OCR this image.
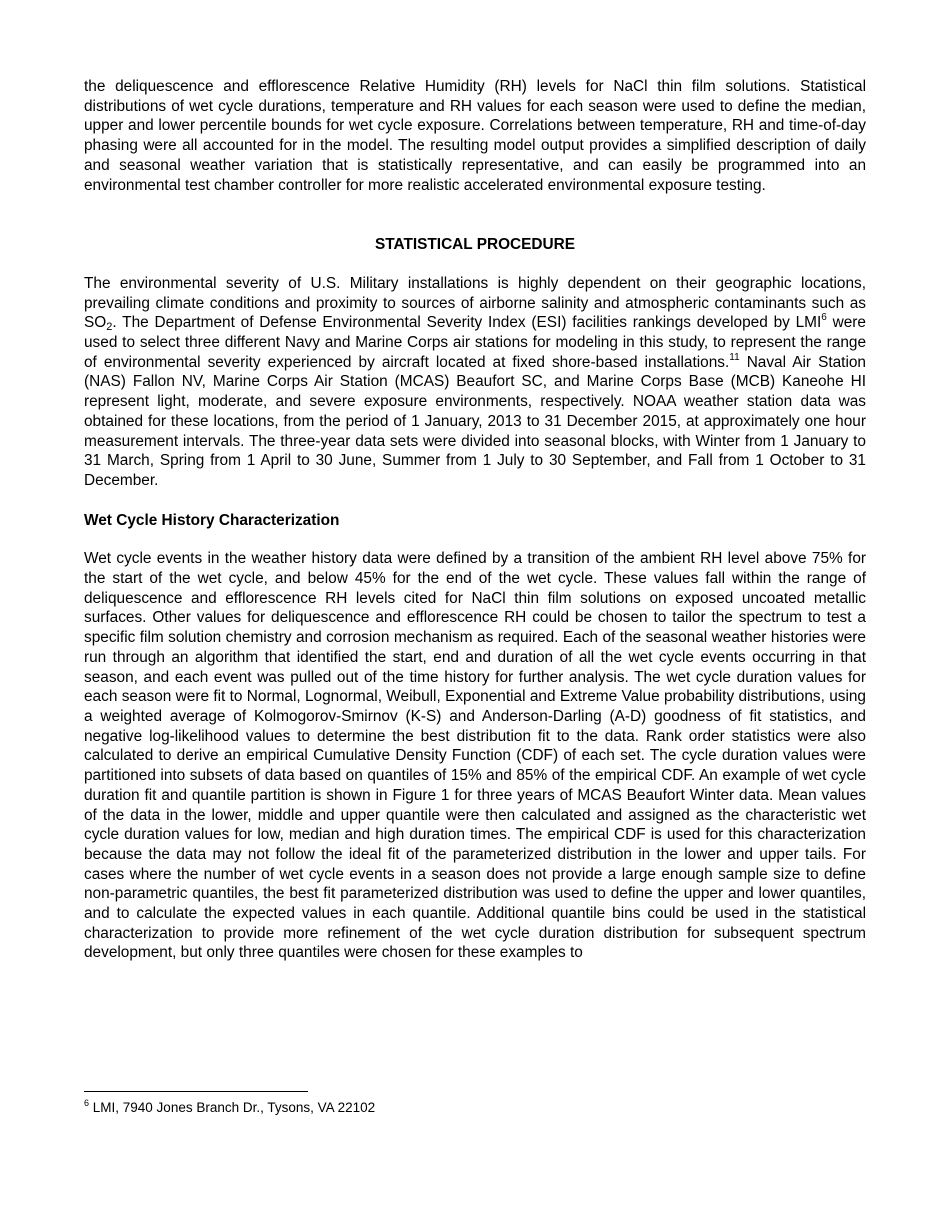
the deliquescence and efflorescence Relative Humidity (RH) levels for NaCl thin film solutions. Statistical distributions of wet cycle durations, temperature and RH values for each season were used to define the median, upper and lower percentile bounds for wet cycle exposure. Correlations between temperature, RH and time-of-day phasing were all accounted for in the model. The resulting model output provides a simplified description of daily and seasonal weather variation that is statistically representative, and can easily be programmed into an environmental test chamber controller for more realistic accelerated environmental exposure testing.

STATISTICAL PROCEDURE

The environmental severity of U.S. Military installations is highly dependent on their geographic locations, prevailing climate conditions and proximity to sources of airborne salinity and atmospheric contaminants such as $SO_2$. The Department of Defense Environmental Severity Index (ESI) facilities rankings developed by LMI$^6$ were used to select three different Navy and Marine Corps air stations for modeling in this study, to represent the range of environmental severity experienced by aircraft located at fixed shore-based installations.$^{11}$ Naval Air Station (NAS) Fallon NV, Marine Corps Air Station (MCAS) Beaufort SC, and Marine Corps Base (MCB) Kaneohe HI represent light, moderate, and severe exposure environments, respectively. NOAA weather station data was obtained for these locations, from the period of 1 January, 2013 to 31 December 2015, at approximately one hour measurement intervals. The three-year data sets were divided into seasonal blocks, with Winter from 1 January to 31 March, Spring from 1 April to 30 June, Summer from 1 July to 30 September, and Fall from 1 October to 31 December.

Wet Cycle History Characterization

Wet cycle events in the weather history data were defined by a transition of the ambient RH level above 75% for the start of the wet cycle, and below 45% for the end of the wet cycle. These values fall within the range of deliquescence and efflorescence RH levels cited for NaCl thin film solutions on exposed uncoated metallic surfaces. Other values for deliquescence and efflorescence RH could be chosen to tailor the spectrum to test a specific film solution chemistry and corrosion mechanism as required. Each of the seasonal weather histories were run through an algorithm that identified the start, end and duration of all the wet cycle events occurring in that season, and each event was pulled out of the time history for further analysis. The wet cycle duration values for each season were fit to Normal, Lognormal, Weibull, Exponential and Extreme Value probability distributions, using a weighted average of Kolmogorov-Smirnov (K-S) and Anderson-Darling (A-D) goodness of fit statistics, and negative log-likelihood values to determine the best distribution fit to the data. Rank order statistics were also calculated to derive an empirical Cumulative Density Function (CDF) of each set. The cycle duration values were partitioned into subsets of data based on quantiles of 15% and 85% of the empirical CDF. An example of wet cycle duration fit and quantile partition is shown in Figure 1 for three years of MCAS Beaufort Winter data. Mean values of the data in the lower, middle and upper quantile were then calculated and assigned as the characteristic wet cycle duration values for low, median and high duration times. The empirical CDF is used for this characterization because the data may not follow the ideal fit of the parameterized distribution in the lower and upper tails. For cases where the number of wet cycle events in a season does not provide a large enough sample size to define non-parametric quantiles, the best fit parameterized distribution was used to define the upper and lower quantiles, and to calculate the expected values in each quantile. Additional quantile bins could be used in the statistical characterization to provide more refinement of the wet cycle duration distribution for subsequent spectrum development, but only three quantiles were chosen for these examples to

$^6$ LMI, 7940 Jones Branch Dr., Tysons, VA 22102
